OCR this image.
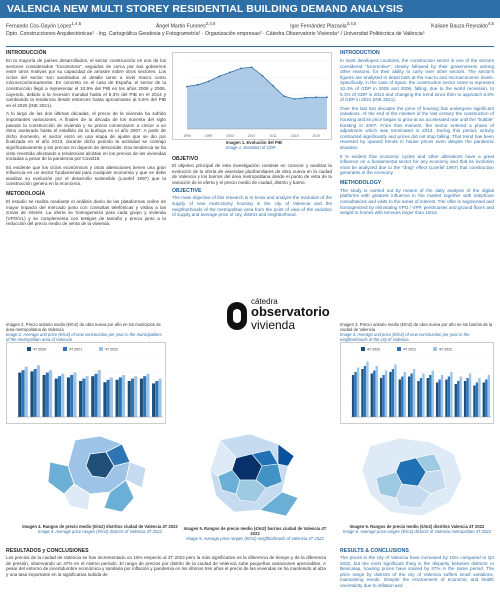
VALENCIA NEW MULTI STOREY RESIDENTIAL BUILDING DEMAND ANALYSIS
Fernando Cos-Gayón López$^{1,4,5}$
Ángel Martín Furones$^{2,4,5}$
Igor Fernández Plazaola$^{3,4,5}$
Kaliane Bauza Reynaldo$^{4,5}$
Dpto. Construcciones Arquitectónicas¹ · Ing. Cartográfica Geodesia y Fotogrametría² · Organización empresas³ · Cátedra Observatorio Vivienda⁴ / Universitat Politècnica de València⁵
INTRODUCCIÓN

En la mayoría de países desarrollados, el sector construcción es uno de los sectores considerados "locomotora", seguidos de cerca por sus gobiernos entre otros motivos por su capacidad de arrastre sobre otros sectores. Los ciclos del sector son analizados al detalle tanto a nivel macro como microeconómicamente. En concreto en el caso de España, el sector de la construcción llegó a representar el 10,9% del PIB en los años 2006 y 2006, cayendo, debido a la recesión mundial hasta el 5,3% del PIB en el 2014 y cambiando la tendencia desde entonces hasta aproximarse al 5,6% del PIB en el 2020 (INE 2021).

A lo largo de las dos últimas décadas, el precio de la vivienda ha sufrido importantes variaciones. A finales de la década de los noventa del siglo pasado la construcción de vivienda y su precio comenzaron a crecer a un ritmo acelerado hasta el estallido de la burbuja en el año 2007. A partir de dicho momento, el sector entró en una etapa de ajuste que se dio por finalizada en el año 2013, durante dicho periodo la actividad se contrajo significativamente y los precios no dejaron de descender. Esa tendencia se ha visto revertida afectando a tendencias alcistas en los precios de las viviendas iniciadas a pesar de la pandemia por Covid19.

Es evidente que los ciclos económicos y otras alteraciones tienen una gran influencia en un sector fundamental para cualquier economía y que se debe analizar su evolución por el desarrollo sostenible (Loerlef 1997) que la construcción genera en la economía.

METODOLOGÍA

El estudio se realiza mediante el análisis diario de las plataformas online de mayor impacto del mercado junto con consultas telefónicas y visitas a las zonas de interés. La oferta se homogeneiza para cada grupo y vivienda (VPO/VL) y se complementa con testigos de tamaño y precio junto a la reducción del precio medio de venta de la vivienda.

Imagen 2. Precio unitario medio (€/m2) de obra nueva por año en los municipios de área metropolitana de Valencia
Image 2. Average unit price (€/m2) of new construction per year in the municipalities of the metropolitan area of Valencia
4T 2020	4T 2021	4T 2022
1995	1999	2003	2007	2011	2015	2019
Imagen 1. Evolución del PIB
Image 1. Evolution of GDP
OBJETIVO

El objetivo principal de esta investigación consiste en conocer y analizar la evolución de la oferta de viviendas plurifamiliares de obra nueva en la ciudad de Valencia y los barrios del área metropolitana desde el punto de vista de la variación de la oferta y el precio medio de ciudad, distrito y barrio.

OBJECTIVE

The main objective of this research is to know and analyze the evolution of the supply of new multi-storey housing in the city of Valencia and the neighborhoods of the metropolitan area from the point of view of the variation of supply and average price of city, district and neighborhood.

cátedra
observatorio
vivienda
INTRODUCTION

In most developed countries, the construction sector is one of the sectors considered "locomotive", closely followed by their governments among other reasons, for their ability to carry over other sectors. The sector's figures are analysed in detail both at the macro and microeconomic levels. Specifically, in the case of Spain, the construction sector came to represent 10.4% of GDP in 2005 and 2006, falling, due to the world recession, to 5.1% of GDP in 2014 and changing the trend since then to approach 5.6% of GDP in 2021 (INE 2021).

Over the last two decades the price of housing has undergone significant variations. At the end of the nineties of the last century the construction of housing and its price began to grow at an accelerated rate until the "bubble" bursting in 2007. From that moment, the sector entered a phase of adjustment which was terminated in 2013. During this period, activity contracted significantly and prices did not stop falling. That trend has been reversed by upward trends in house prices even despite the pandemic situation.

It is evident that economic cycles and other alterations have a great influence on a fundamental sector for any economy and that its evolution must be analyzed due to the "drag" effect (Loerlef 1997) that construction generates in the economy.

METHODOLOGY

The study is carried out by means of the daily analysis of the digital platforms with greatest influence in the market together with telephone consultations and visits to the areas of interest. The offer is segmented and homogenized by eliminating VPO / VPP, penthouses and ground floors and weight to homes with terraces larger than 10m2.

Imagen 3. Precio unitario medio (€/m2) de obra nueva por año en los barrios de la ciudad de Valencia
Image 3. Average unit price (€/m2) of new construction per year in the neighborhoods of the city of Valencia
4T 2020	4T 2021	4T 2022
Imagen 4. Rangos de precio medio (€/m2) distritos ciudad de Valencia 4T 2022
Image 4. Average price ranges (€/m2) districts of Valencia 4T 2022
Imagen 5. Rangos de precio medio (€/m2) barrios ciudad de Valencia 4T 2022
Image 5. Average price ranges (€/m2) neighborhoods of Valencia 4T 2022
Imagen 6. Rangos de precio medio (€/m2) distritos Valencia 4T 2022
Image 6. Average price ranges (€/m2) districts of Valencia metropolitan 4T 2022
RESULTADOS y CONCLUSIONES

Los precios de la ciudad de Valencia se han incrementado un 15% respecto al 3T 2022 pero la más significativo es la diferencia de tiempo y de la diferencia de presión, observando un 37% en el mismo periodo. El rango de precios por distrito de la ciudad de Valencia sube pequeñas variaciones apreciables. A pesar del entorno de incertidumbre económica y sanitaria por inflación y pandemia en los últimos tres años el precio de las viviendas se ha mantenido al alza y una tasa importante en la significativa subida de

RESULTS & CONCLUSIONS

The prices in the city of Valencia have increased by 15% compared to Q4 2022, but the most significant thing is the disparity between districts: in Benicalap, housing prices have soared by 37% in the same period. The price range by districts of the city of Valencia suffers small variations, maintaining trends. Despite the environment of economic and health uncertainty due to inflation and
